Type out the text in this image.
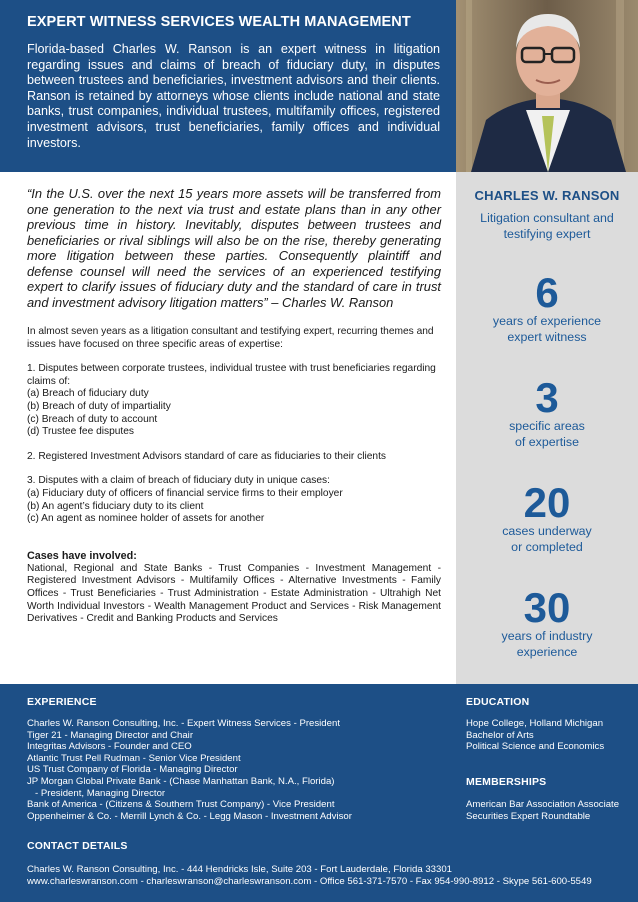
EXPERT WITNESS SERVICES WEALTH MANAGEMENT

Florida-based Charles W. Ranson is an expert witness in litigation regarding issues and claims of breach of fiduciary duty, in disputes between trustees and beneficiaries, investment advisors and their clients. Ranson is retained by attorneys whose clients include national and state banks, trust companies, individual trustees, multifamily offices, registered investment advisors, trust beneficiaries, family offices and individual investors.

“In the U.S. over the next 15 years more assets will be transferred from one generation to the next via trust and estate plans than in any other previous time in history. Inevitably, disputes between trustees and beneficiaries or rival siblings will also be on the rise, thereby generating more litigation between these parties. Consequently plaintiff and defense counsel will need the services of an experienced testifying expert to clarify issues of fiduciary duty and the standard of care in trust and investment advisory litigation matters” – Charles W. Ranson

In almost seven years as a litigation consultant and testifying expert, recurring themes and issues have focused on three specific areas of expertise:

1. Disputes between corporate trustees, individual trustee with trust beneficiaries regarding claims of:
(a) Breach of fiduciary duty
(b) Breach of duty of impartiality
(c) Breach of duty to account
(d) Trustee fee disputes
2. Registered Investment Advisors standard of care as fiduciaries to their clients
3. Disputes with a claim of breach of fiduciary duty in unique cases:
(a) Fiduciary duty of officers of financial service firms to their employer
(b) An agent’s fiduciary duty to its client
(c) An agent as nominee holder of assets for another
Cases have involved:

National, Regional and State Banks - Trust Companies - Investment Management - Registered Investment Advisors - Multifamily Offices - Alternative Investments - Family Offices - Trust Beneficiaries - Trust Administration - Estate Administration - Ultrahigh Net Worth Individual Investors - Wealth Management Product and Services - Risk Management Derivatives - Credit and Banking Products and Services

CHARLES W. RANSON
Litigation consultant and
testifying expert
6
years of experience
expert witness
3
specific areas
of expertise
20
cases underway
or completed
30
years of industry
experience
EXPERIENCE
Charles W. Ranson Consulting, Inc. - Expert Witness Services - President
Tiger 21 - Managing Director and Chair
Integritas Advisors - Founder and CEO
Atlantic Trust Pell Rudman - Senior Vice President
US Trust Company of Florida - Managing Director
JP Morgan Global Private Bank - (Chase Manhattan Bank, N.A., Florida)
- President, Managing Director
Bank of America - (Citizens & Southern Trust Company) - Vice President
Oppenheimer & Co. - Merrill Lynch & Co. - Legg Mason - Investment Advisor
EDUCATION
Hope College, Holland Michigan
Bachelor of Arts
Political Science and Economics
MEMBERSHIPS
American Bar Association Associate
Securities Expert Roundtable
CONTACT DETAILS
Charles W. Ranson Consulting, Inc. - 444 Hendricks Isle, Suite 203 - Fort Lauderdale, Florida 33301
www.charleswranson.com - charleswranson@charleswranson.com - Office 561-371-7570 - Fax 954-990-8912 - Skype 561-600-5549
